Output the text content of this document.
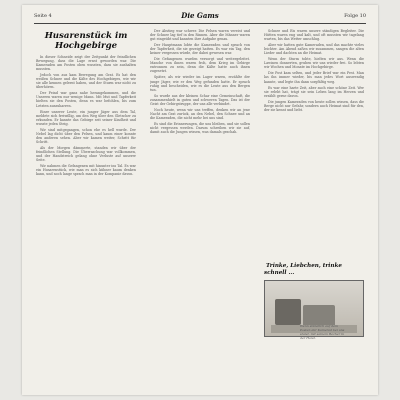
Seite 4	Die Gams	Folge 10
Husarenstück im Hochgebirge

In dieser Schneide zeigt der Zeitpunkt der feindlichen Bewegung, dass die Lage ernst geworden war. Die Kameraden am Posten oben wussten, dass sie aushalten mussten.

Jedoch von aus kam Bewegung am Grat. Es hat den weißen Schnee und die Kälte des Hochgebirges, wie wir sie alle kennen gelernt haben, und der Sturm war nicht zu überhören.

Der Feind war ganz nahe herangekommen, und die Unseren waren nur wenige Mann. Mit Mut und Tapferkeit hielten sie den Posten, denn es war befohlen, bis zum Letzten auszuharren.

Einer unserer Leute, ein junger Jäger aus dem Tal, meldete sich freiwillig, um den Weg über den Gletscher zu erkunden. Er kannte das Gebirge seit seiner Kindheit und wusste jeden Steig.

Wir sind mitgegangen, schon ehe es hell wurde. Der Nebel lag dicht über den Felsen, und kaum einer konnte den anderen sehen. Aber wir kamen weiter, Schritt für Schritt.

Als der Morgen dämmerte, standen wir über der feindlichen Stellung. Die Überraschung war vollkommen, und der Handstreich gelang ohne Verluste auf unserer Seite.

Wir nahmen die Gefangenen mit hinunter ins Tal. Es war ein Husarenstück, wie man es sich kühner kaum denken kann, und noch lange sprach man in der Kompanie davon.

Der Abstieg war schwer. Die Felsen waren vereist und der Schnee lag tief in den Rinnen. Aber die Männer waren gut eingeübt und kannten ihre Aufgabe genau.

Der Hauptmann lobte die Kameraden und sprach von der Tapferkeit, die sie gezeigt hatten. Es war ein Tag, den keiner vergessen würde, der dabei gewesen war.

Die Gefangenen wurden versorgt und weitergeleitet. Manche von ihnen waren froh, dem Krieg im Gebirge entronnen zu sein, denn die Kälte hatte auch ihnen zugesetzt.

Später, als wir wieder im Lager waren, erzählte der junge Jäger, wie er den Weg gefunden hatte. Er sprach ruhig und bescheiden, wie es die Leute aus den Bergen tun.

So wurde aus der kleinen Schar eine Gemeinschaft, die zusammenhielt in guten und schweren Tagen. Das ist der Geist der Gebirgstruppe, der uns alle verbindet.

Noch heute, wenn wir uns treffen, denken wir an jene Nacht am Grat zurück, an den Nebel, den Schnee und an die Kameraden, die nicht mehr bei uns sind.

Es sind die Erinnerungen, die uns bleiben, und sie sollen nicht vergessen werden. Darum schreiben wir sie auf, damit auch die Jungen wissen, was damals geschah.

Schnee und Eis waren unsere ständigen Begleiter. Die Hütten waren eng und kalt, und oft mussten wir tagelang warten, bis das Wetter umschlug.

Aber wir hatten gute Kameraden, und das machte vieles leichter. Am Abend saßen wir zusammen, sangen die alten Lieder und dachten an die Heimat.

Wenn der Sturm tobte, hielten wir aus. Wenn die Lawinen donnerten, gruben wir uns wieder frei. So lebten wir Wochen und Monate im Hochgebirge.

Die Post kam selten, und jeder Brief war ein Fest. Man las ihn immer wieder, bis man jedes Wort auswendig kannte, und legte ihn dann sorgfältig weg.

Es war eine harte Zeit, aber auch eine schöne Zeit. Wer sie erlebt hat, trägt sie sein Leben lang im Herzen und erzählt gerne davon.

Die jungen Kameraden von heute sollen wissen, dass die Berge nicht nur Gefahr, sondern auch Heimat sind für den, der sie kennt und liebt.

Trinke, Liebchen, trinke schnell ...
Wenn stündlich auf dem Posten der Kamerad bei uns stand, mit seinem Becher in der Hand.
